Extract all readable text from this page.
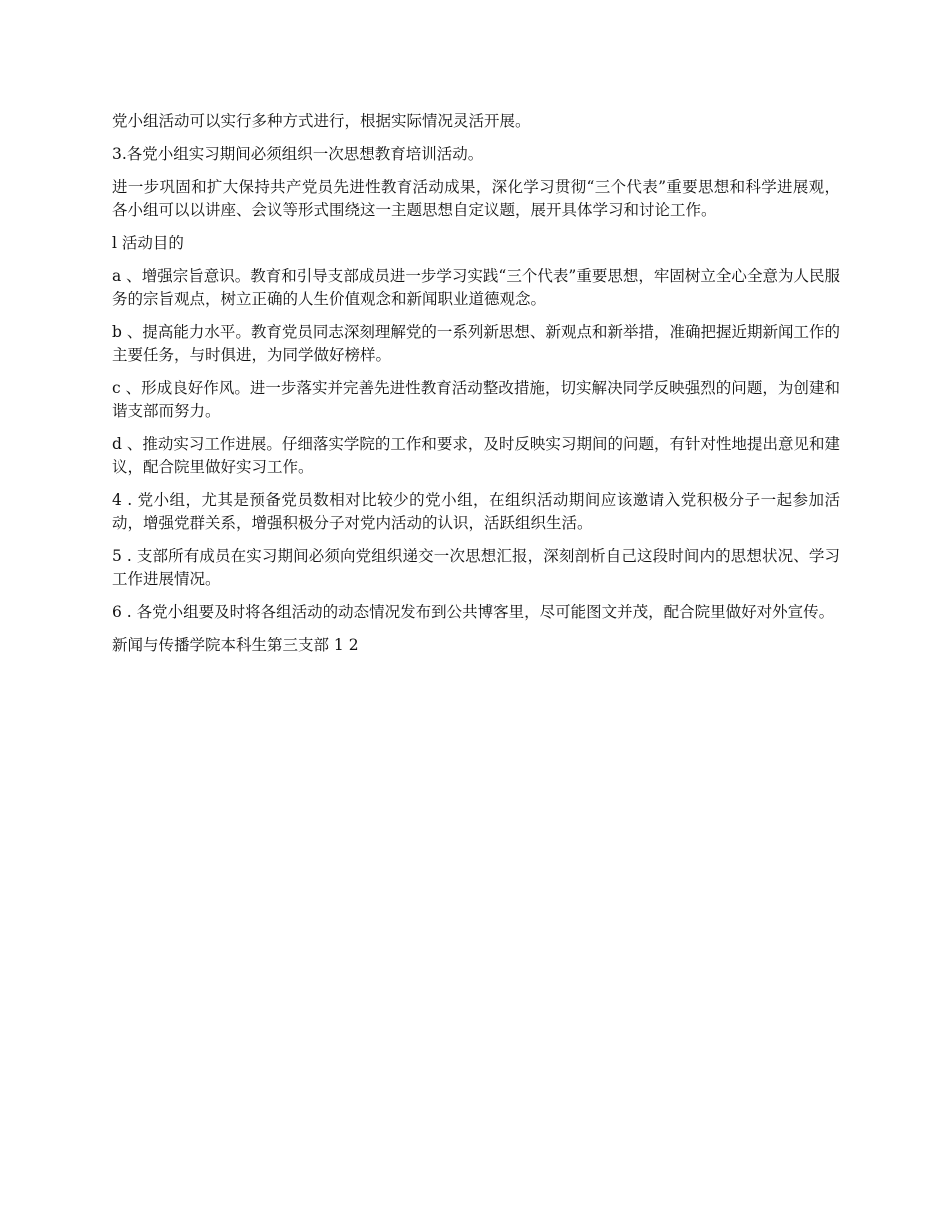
党小组活动可以实行多种方式进行，根据实际情况灵活开展。

3.各党小组实习期间必须组织一次思想教育培训活动。

进一步巩固和扩大保持共产党员先进性教育活动成果，深化学习贯彻“三个代表”重要思想和科学进展观，各小组可以以讲座、会议等形式围绕这一主题思想自定议题，展开具体学习和讨论工作。

l 活动目的

a 、增强宗旨意识。教育和引导支部成员进一步学习实践“三个代表”重要思想，牢固树立全心全意为人民服务的宗旨观点，树立正确的人生价值观念和新闻职业道德观念。

b 、提高能力水平。教育党员同志深刻理解党的一系列新思想、新观点和新举措，准确把握近期新闻工作的主要任务，与时俱进，为同学做好榜样。

c 、形成良好作风。进一步落实并完善先进性教育活动整改措施，切实解决同学反映强烈的问题，为创建和谐支部而努力。

d 、推动实习工作进展。仔细落实学院的工作和要求，及时反映实习期间的问题，有针对性地提出意见和建议，配合院里做好实习工作。

4 . 党小组，尤其是预备党员数相对比较少的党小组，在组织活动期间应该邀请入党积极分子一起参加活动，增强党群关系，增强积极分子对党内活动的认识，活跃组织生活。

5 . 支部所有成员在实习期间必须向党组织递交一次思想汇报，深刻剖析自己这段时间内的思想状况、学习工作进展情况。

6 . 各党小组要及时将各组活动的动态情况发布到公共博客里，尽可能图文并茂，配合院里做好对外宣传。

新闻与传播学院本科生第三支部 1 2
